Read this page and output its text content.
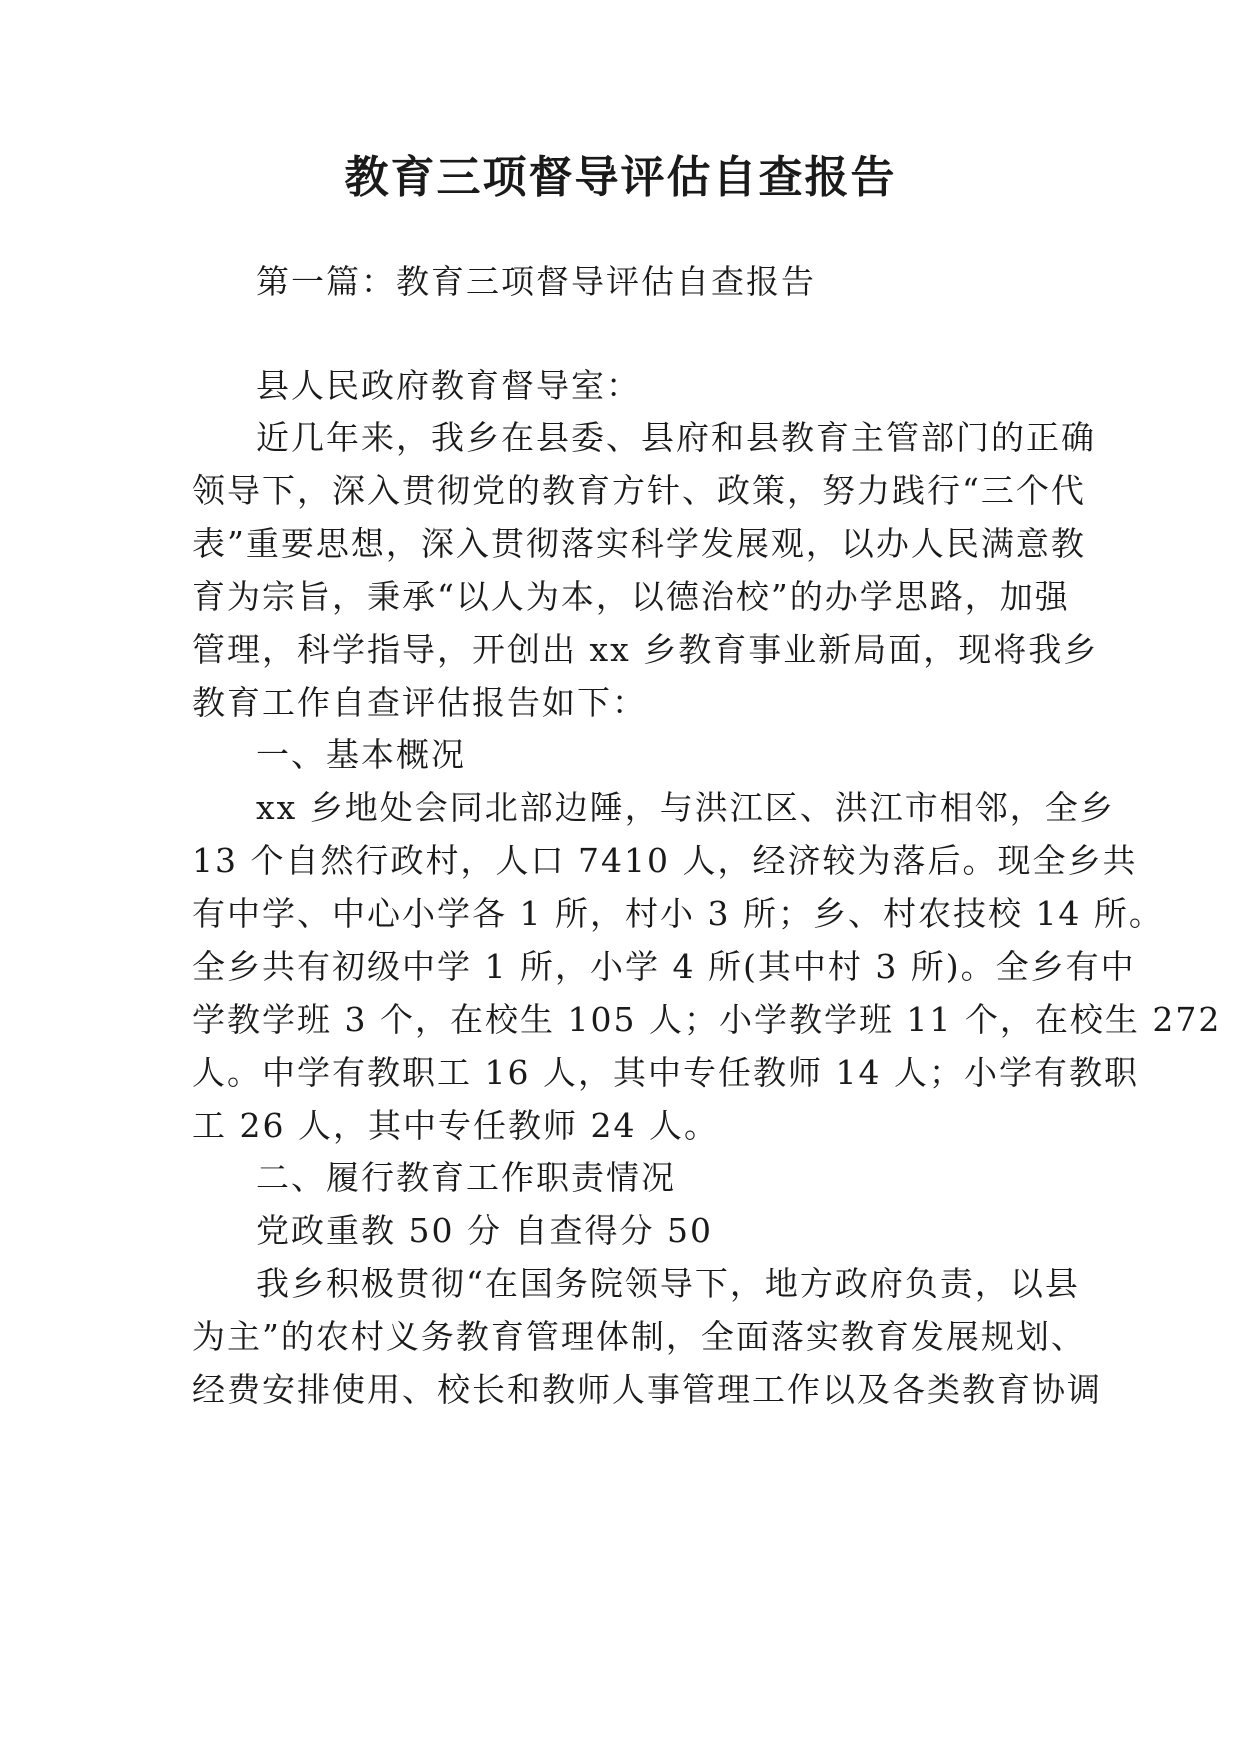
教育三项督导评估自查报告
第一篇：教育三项督导评估自查报告
县人民政府教育督导室：
近几年来，我乡在县委、县府和县教育主管部门的正确
领导下，深入贯彻党的教育方针、政策，努力践行“三个代
表”重要思想，深入贯彻落实科学发展观，以办人民满意教
育为宗旨，秉承“以人为本，以德治校”的办学思路，加强
管理，科学指导，开创出 xx 乡教育事业新局面，现将我乡
教育工作自查评估报告如下：
一、基本概况
xx 乡地处会同北部边陲，与洪江区、洪江市相邻，全乡
13 个自然行政村，人口 7410 人，经济较为落后。现全乡共
有中学、中心小学各 1 所，村小 3 所；乡、村农技校 14 所。
全乡共有初级中学 1 所，小学 4 所(其中村 3 所)。全乡有中
学教学班 3 个，在校生 105 人；小学教学班 11 个，在校生 272
人。中学有教职工 16 人，其中专任教师 14 人；小学有教职
工 26 人，其中专任教师 24 人。
二、履行教育工作职责情况
党政重教 50 分 自查得分 50
我乡积极贯彻“在国务院领导下，地方政府负责，以县
为主”的农村义务教育管理体制，全面落实教育发展规划、
经费安排使用、校长和教师人事管理工作以及各类教育协调
